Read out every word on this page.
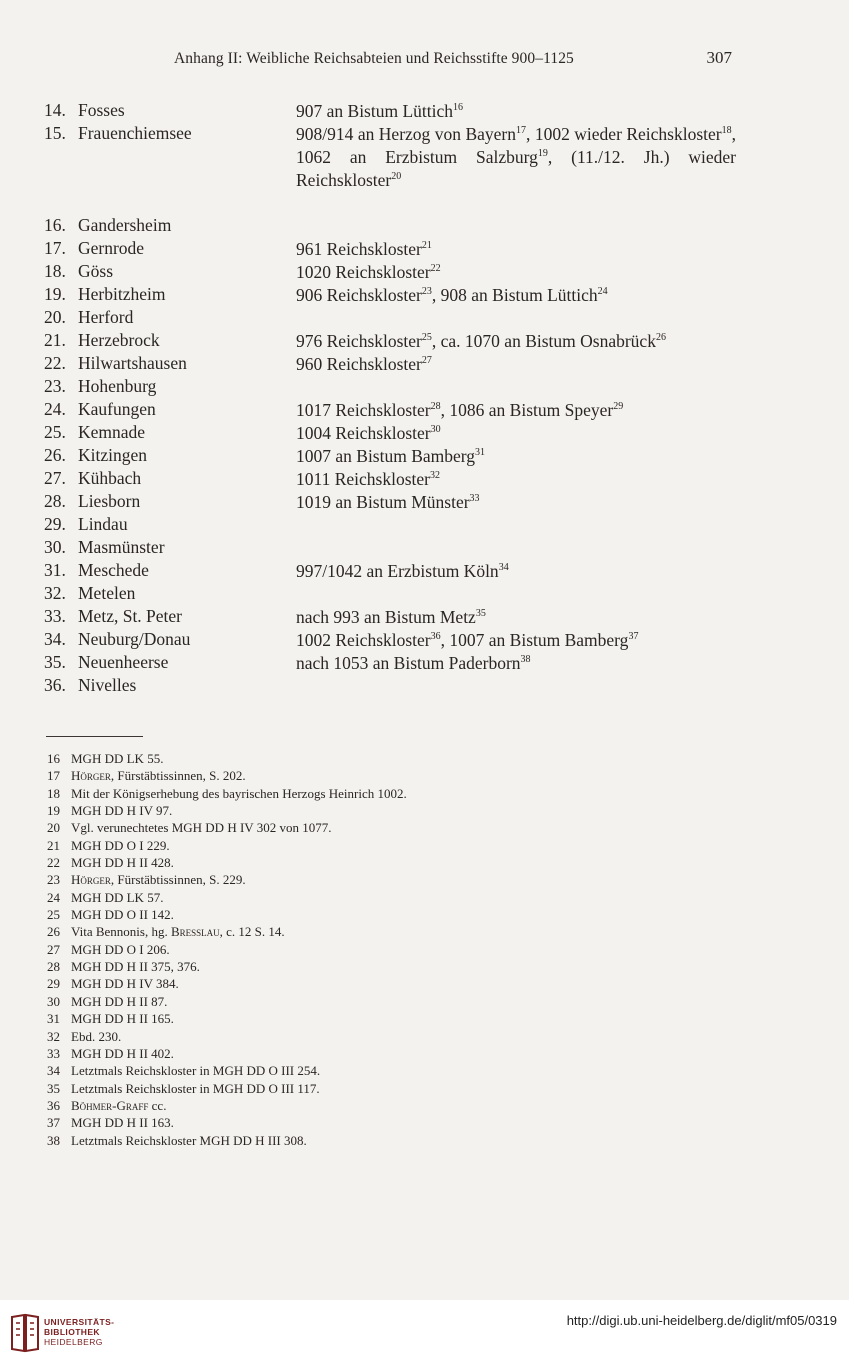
Anhang II: Weibliche Reichsabteien und Reichsstifte 900–1125	307
14. Fosses	907 an Bistum Lüttich$^{16}$
15. Frauenchiemsee	908/914 an Herzog von Bayern$^{17}$, 1002 wieder Reichskloster$^{18}$, 1062 an Erzbistum Salzburg$^{19}$, (11./12. Jh.) wieder Reichskloster$^{20}$
16. Gandersheim
17. Gernrode	961 Reichskloster$^{21}$
18. Göss	1020 Reichskloster$^{22}$
19. Herbitzheim	906 Reichskloster$^{23}$, 908 an Bistum Lüttich$^{24}$
20. Herford
21. Herzebrock	976 Reichskloster$^{25}$, ca. 1070 an Bistum Osnabrück$^{26}$
22. Hilwartshausen	960 Reichskloster$^{27}$
23. Hohenburg
24. Kaufungen	1017 Reichskloster$^{28}$, 1086 an Bistum Speyer$^{29}$
25. Kemnade	1004 Reichskloster$^{30}$
26. Kitzingen	1007 an Bistum Bamberg$^{31}$
27. Kühbach	1011 Reichskloster$^{32}$
28. Liesborn	1019 an Bistum Münster$^{33}$
29. Lindau
30. Masmünster
31. Meschede	997/1042 an Erzbistum Köln$^{34}$
32. Metelen
33. Metz, St. Peter	nach 993 an Bistum Metz$^{35}$
34. Neuburg/Donau	1002 Reichskloster$^{36}$, 1007 an Bistum Bamberg$^{37}$
35. Neuenheerse	nach 1053 an Bistum Paderborn$^{38}$
36. Nivelles
16 MGH DD LK 55.
17 Hörger, Fürstäbtissinnen, S. 202.
18 Mit der Königserhebung des bayrischen Herzogs Heinrich 1002.
19 MGH DD H IV 97.
20 Vgl. verunechtetes MGH DD H IV 302 von 1077.
21 MGH DD O I 229.
22 MGH DD H II 428.
23 Hörger, Fürstäbtissinnen, S. 229.
24 MGH DD LK 57.
25 MGH DD O II 142.
26 Vita Bennonis, hg. Bresslau, c. 12 S. 14.
27 MGH DD O I 206.
28 MGH DD H II 375, 376.
29 MGH DD H IV 384.
30 MGH DD H II 87.
31 MGH DD H II 165.
32 Ebd. 230.
33 MGH DD H II 402.
34 Letztmals Reichskloster in MGH DD O III 254.
35 Letztmals Reichskloster in MGH DD O III 117.
36 Böhmer-Graff cc.
37 MGH DD H II 163.
38 Letztmals Reichskloster MGH DD H III 308.
UNIVERSITÄTS-
BIBLIOTHEK
HEIDELBERG
http://digi.ub.uni-heidelberg.de/diglit/mf05/0319
